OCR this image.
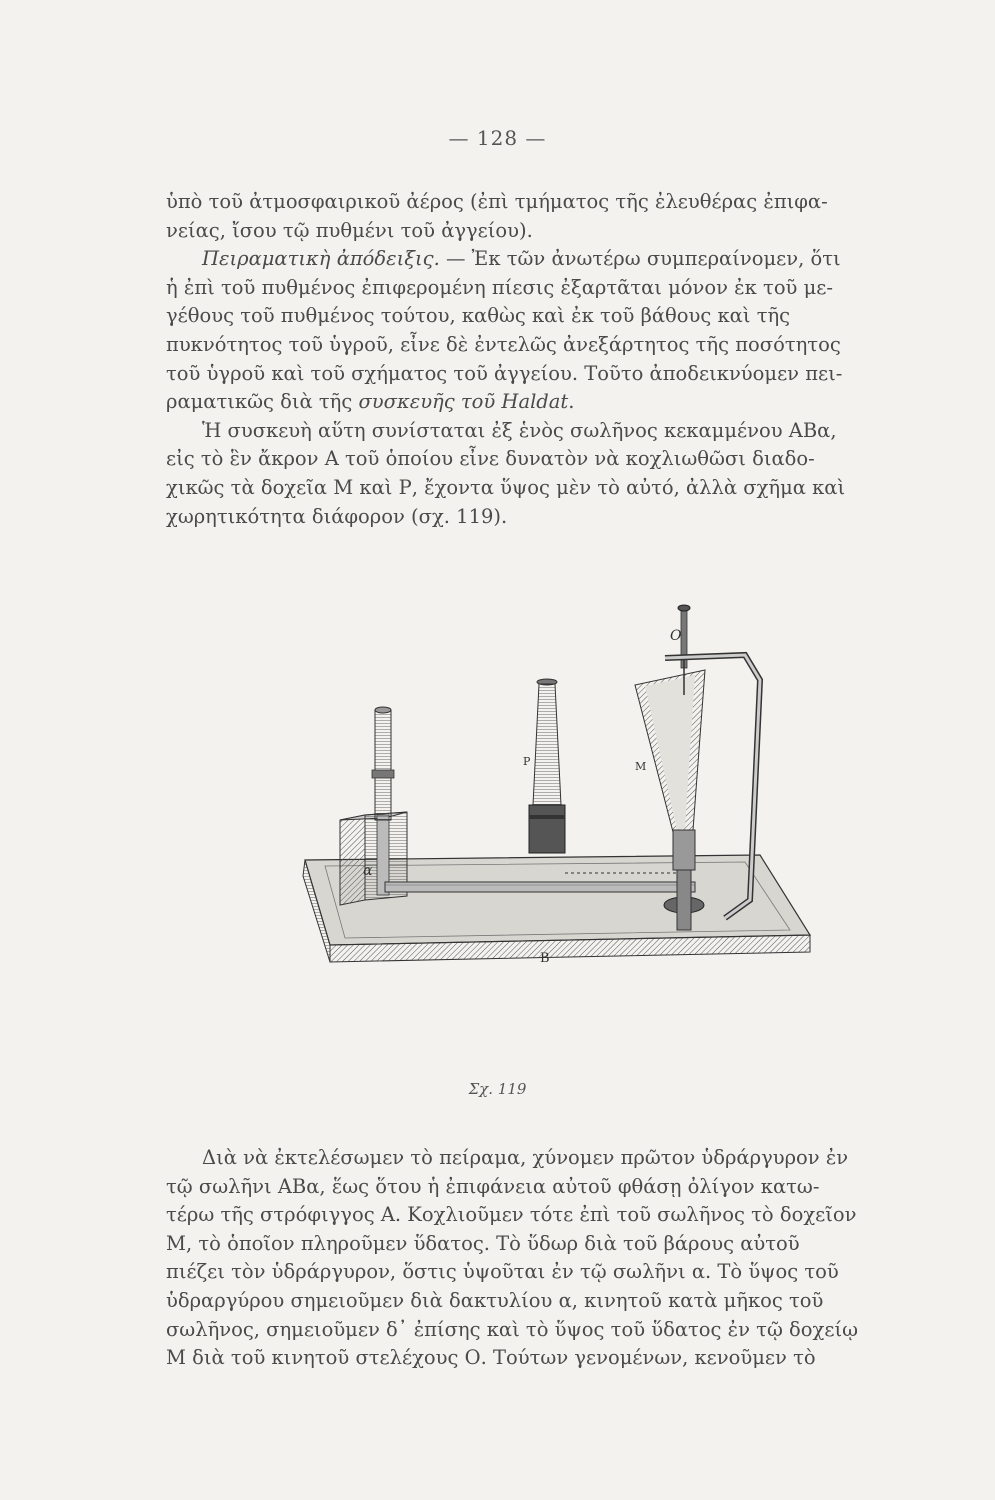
— 128 —

ὑπὸ τοῦ ἀτμοσφαιρικοῦ ἀέρος (ἐπὶ τμήματος τῆς ἐλευθέρας ἐπιφα-
νείας, ἴσου τῷ πυθμένι τοῦ ἀγγείου).

Πειραματικὴ ἀπόδειξις. — Ἐκ τῶν ἀνωτέρω συμπεραίνομεν, ὅτι
ἡ ἐπὶ τοῦ πυθμένος ἐπιφερομένη πίεσις ἐξαρτᾶται μόνον ἐκ τοῦ με-
γέθους τοῦ πυθμένος τούτου, καθὼς καὶ ἐκ τοῦ βάθους καὶ τῆς
πυκνότητος τοῦ ὑγροῦ, εἶνε δὲ ἐντελῶς ἀνεξάρτητος τῆς ποσότητος
τοῦ ὑγροῦ καὶ τοῦ σχήματος τοῦ ἀγγείου. Τοῦτο ἀποδεικνύομεν πει-
ραματικῶς διὰ τῆς συσκευῆς τοῦ Haldat.

Ἡ συσκευὴ αὕτη συνίσταται ἐξ ἑνὸς σωλῆνος κεκαμμένου ΑΒα,
εἰς τὸ ἓν ἄκρον Α τοῦ ὁποίου εἶνε δυνατὸν νὰ κοχλιωθῶσι διαδο-
χικῶς τὰ δοχεῖα Μ καὶ Ρ, ἔχοντα ὕψος μὲν τὸ αὐτό, ἀλλὰ σχῆμα καὶ
χωρητικότητα διάφορον (σχ. 119).

O
P	M
α
B
Σχ. 119

Διὰ νὰ ἐκτελέσωμεν τὸ πείραμα, χύνομεν πρῶτον ὑδράργυρον ἐν
τῷ σωλῆνι ΑΒα, ἕως ὅτου ἡ ἐπιφάνεια αὐτοῦ φθάσῃ ὀλίγον κατω-
τέρω τῆς στρόφιγγος Α. Κοχλιοῦμεν τότε ἐπὶ τοῦ σωλῆνος τὸ δοχεῖον
Μ, τὸ ὁποῖον πληροῦμεν ὕδατος. Τὸ ὕδωρ διὰ τοῦ βάρους αὐτοῦ
πιέζει τὸν ὑδράργυρον, ὅστις ὑψοῦται ἐν τῷ σωλῆνι α. Τὸ ὕψος τοῦ
ὑδραργύρου σημειοῦμεν διὰ δακτυλίου α, κινητοῦ κατὰ μῆκος τοῦ
σωλῆνος, σημειοῦμεν δ᾽ ἐπίσης καὶ τὸ ὕψος τοῦ ὕδατος ἐν τῷ δοχείῳ
Μ διὰ τοῦ κινητοῦ στελέχους Ο. Τούτων γενομένων, κενοῦμεν τὸ
